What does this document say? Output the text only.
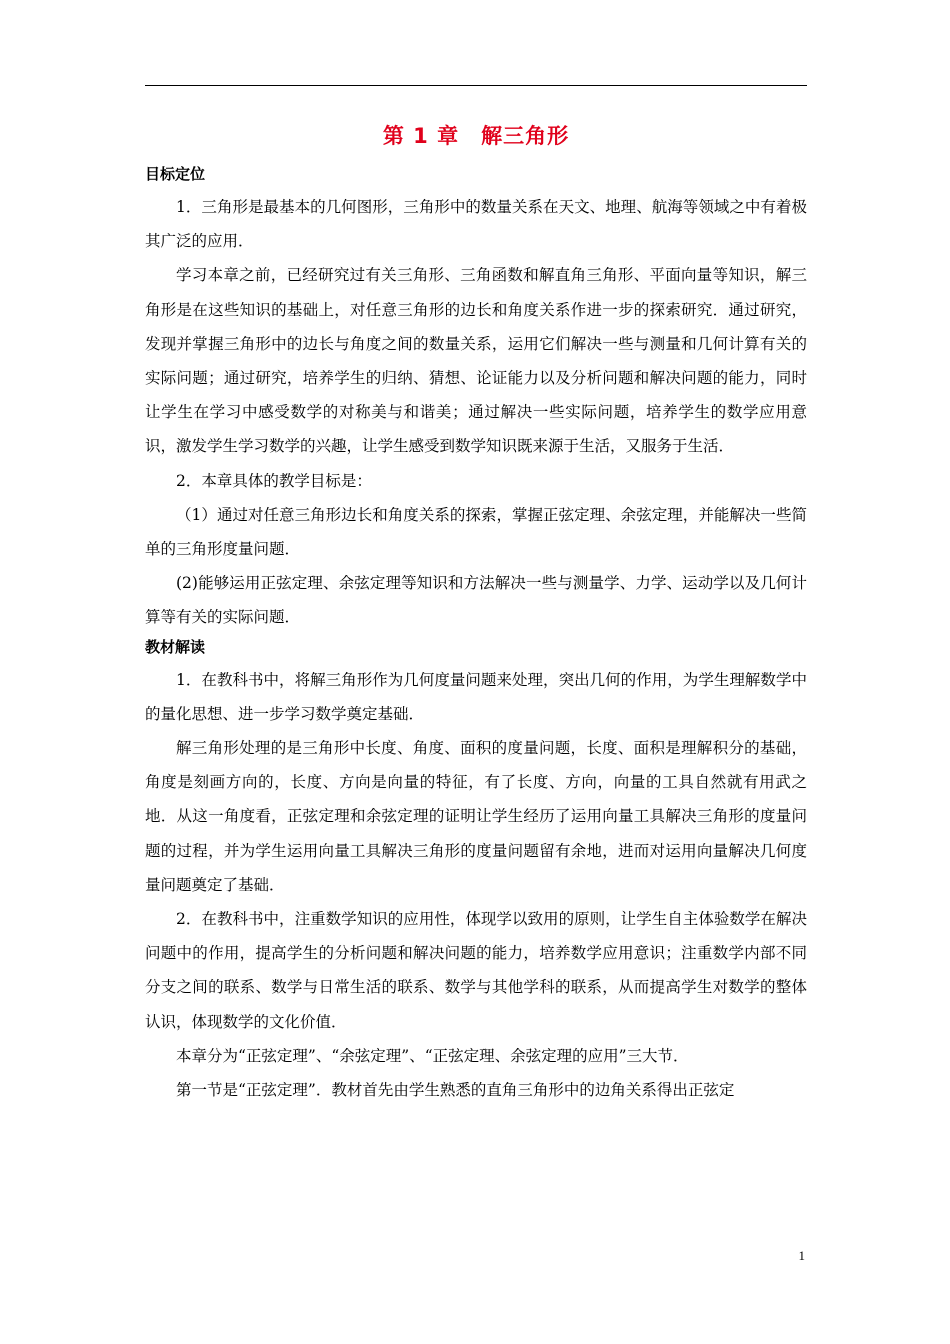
第 1 章　解三角形
目标定位

1．三角形是最基本的几何图形，三角形中的数量关系在天文、地理、航海等领域之中有着极其广泛的应用．

学习本章之前，已经研究过有关三角形、三角函数和解直角三角形、平面向量等知识，解三角形是在这些知识的基础上，对任意三角形的边长和角度关系作进一步的探索研究．通过研究，发现并掌握三角形中的边长与角度之间的数量关系，运用它们解决一些与测量和几何计算有关的实际问题；通过研究，培养学生的归纳、猜想、论证能力以及分析问题和解决问题的能力，同时让学生在学习中感受数学的对称美与和谐美；通过解决一些实际问题，培养学生的数学应用意识，激发学生学习数学的兴趣，让学生感受到数学知识既来源于生活，又服务于生活．

2．本章具体的教学目标是：

（1）通过对任意三角形边长和角度关系的探索，掌握正弦定理、余弦定理，并能解决一些简单的三角形度量问题．

(2)能够运用正弦定理、余弦定理等知识和方法解决一些与测量学、力学、运动学以及几何计算等有关的实际问题．

教材解读

1．在教科书中，将解三角形作为几何度量问题来处理，突出几何的作用，为学生理解数学中的量化思想、进一步学习数学奠定基础．

解三角形处理的是三角形中长度、角度、面积的度量问题，长度、面积是理解积分的基础，角度是刻画方向的，长度、方向是向量的特征，有了长度、方向，向量的工具自然就有用武之地．从这一角度看，正弦定理和余弦定理的证明让学生经历了运用向量工具解决三角形的度量问题的过程，并为学生运用向量工具解决三角形的度量问题留有余地，进而对运用向量解决几何度量问题奠定了基础．

2．在教科书中，注重数学知识的应用性，体现学以致用的原则，让学生自主体验数学在解决问题中的作用，提高学生的分析问题和解决问题的能力，培养数学应用意识；注重数学内部不同分支之间的联系、数学与日常生活的联系、数学与其他学科的联系，从而提高学生对数学的整体认识，体现数学的文化价值．

本章分为“正弦定理”、“余弦定理”、“正弦定理、余弦定理的应用”三大节．

第一节是“正弦定理”．教材首先由学生熟悉的直角三角形中的边角关系得出正弦定

1
